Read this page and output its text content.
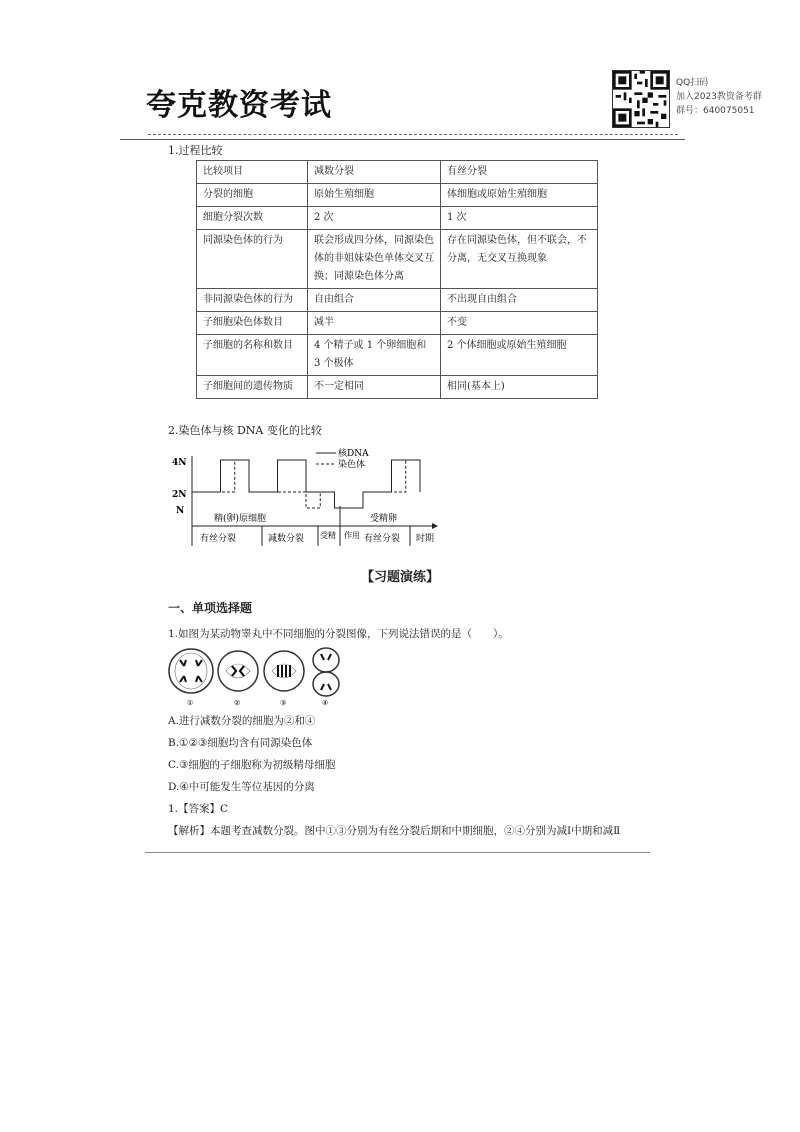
夸克教资考试
QQ扫码
加入2023教资备考群
群号：640075051
1.过程比较
比较项目	减数分裂	有丝分裂
分裂的细胞	原始生殖细胞	体细胞或原始生殖细胞
细胞分裂次数	2 次	1 次
同源染色体的行为	联会形成四分体，同源染色体的非姐妹染色单体交叉互换；同源染色体分离	存在同源染色体，但不联会，不分离，无交叉互换现象
非同源染色体的行为	自由组合	不出现自由组合
子细胞染色体数目	减半	不变
子细胞的名称和数目	4 个精子或 1 个卵细胞和 3 个极体	2 个体细胞或原始生殖细胞
子细胞间的遗传物质	不一定相同	相同(基本上)
2.染色体与核 DNA 变化的比较
4N
2N
N
核DNA
染色体
精(卵)原细胞	受精卵
有丝分裂	减数分裂 受精 作用 有丝分裂 时期
【习题演练】
一、单项选择题
1.如图为某动物睾丸中不同细胞的分裂图像，下列说法错误的是（　　）。
①	②	③	④
A.进行减数分裂的细胞为②和④
B.①②③细胞均含有同源染色体
C.③细胞的子细胞称为初级精母细胞
D.④中可能发生等位基因的分离
1.【答案】C
【解析】本题考查减数分裂。图中①③分别为有丝分裂后期和中期细胞，②④分别为减Ⅰ中期和减Ⅱ
